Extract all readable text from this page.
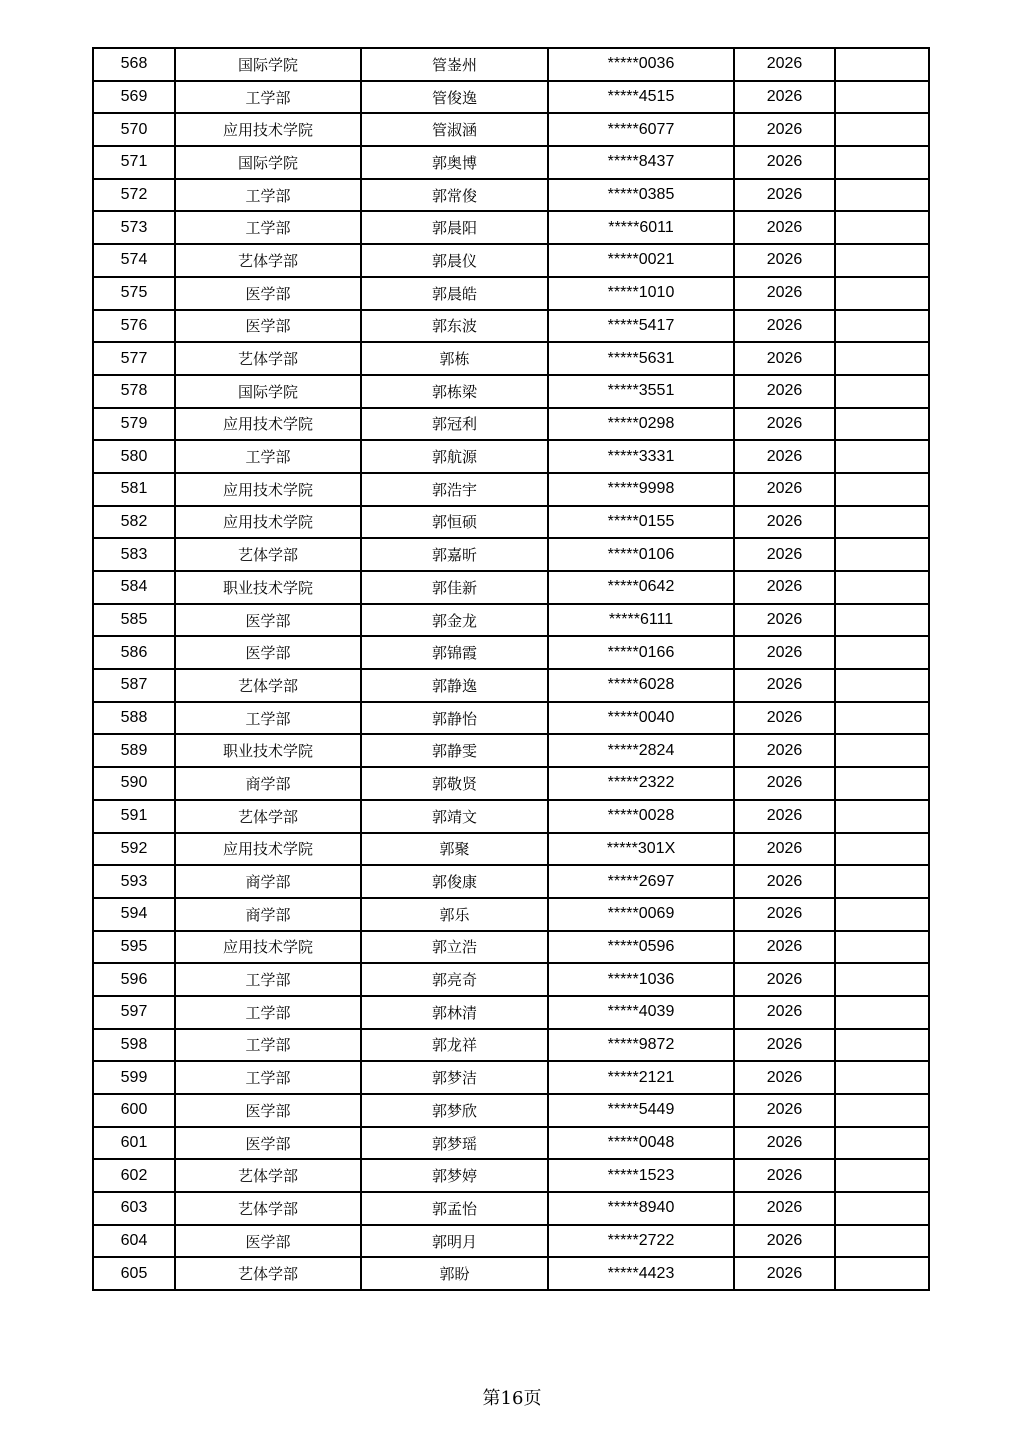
568	国际学院	管崟州	*****0036	2026	
569	工学部	管俊逸	*****4515	2026	
570	应用技术学院	管淑涵	*****6077	2026	
571	国际学院	郭奥博	*****8437	2026	
572	工学部	郭常俊	*****0385	2026	
573	工学部	郭晨阳	*****6011	2026	
574	艺体学部	郭晨仪	*****0021	2026	
575	医学部	郭晨皓	*****1010	2026	
576	医学部	郭东波	*****5417	2026	
577	艺体学部	郭栋	*****5631	2026	
578	国际学院	郭栋梁	*****3551	2026	
579	应用技术学院	郭冠利	*****0298	2026	
580	工学部	郭航源	*****3331	2026	
581	应用技术学院	郭浩宇	*****9998	2026	
582	应用技术学院	郭恒硕	*****0155	2026	
583	艺体学部	郭嘉昕	*****0106	2026	
584	职业技术学院	郭佳新	*****0642	2026	
585	医学部	郭金龙	*****6111	2026	
586	医学部	郭锦霞	*****0166	2026	
587	艺体学部	郭静逸	*****6028	2026	
588	工学部	郭静怡	*****0040	2026	
589	职业技术学院	郭静雯	*****2824	2026	
590	商学部	郭敬贤	*****2322	2026	
591	艺体学部	郭靖文	*****0028	2026	
592	应用技术学院	郭聚	*****301X	2026	
593	商学部	郭俊康	*****2697	2026	
594	商学部	郭乐	*****0069	2026	
595	应用技术学院	郭立浩	*****0596	2026	
596	工学部	郭亮奇	*****1036	2026	
597	工学部	郭林清	*****4039	2026	
598	工学部	郭龙祥	*****9872	2026	
599	工学部	郭梦洁	*****2121	2026	
600	医学部	郭梦欣	*****5449	2026	
601	医学部	郭梦瑶	*****0048	2026	
602	艺体学部	郭梦婷	*****1523	2026	
603	艺体学部	郭孟怡	*****8940	2026	
604	医学部	郭明月	*****2722	2026	
605	艺体学部	郭盼	*****4423	2026	
第16页
